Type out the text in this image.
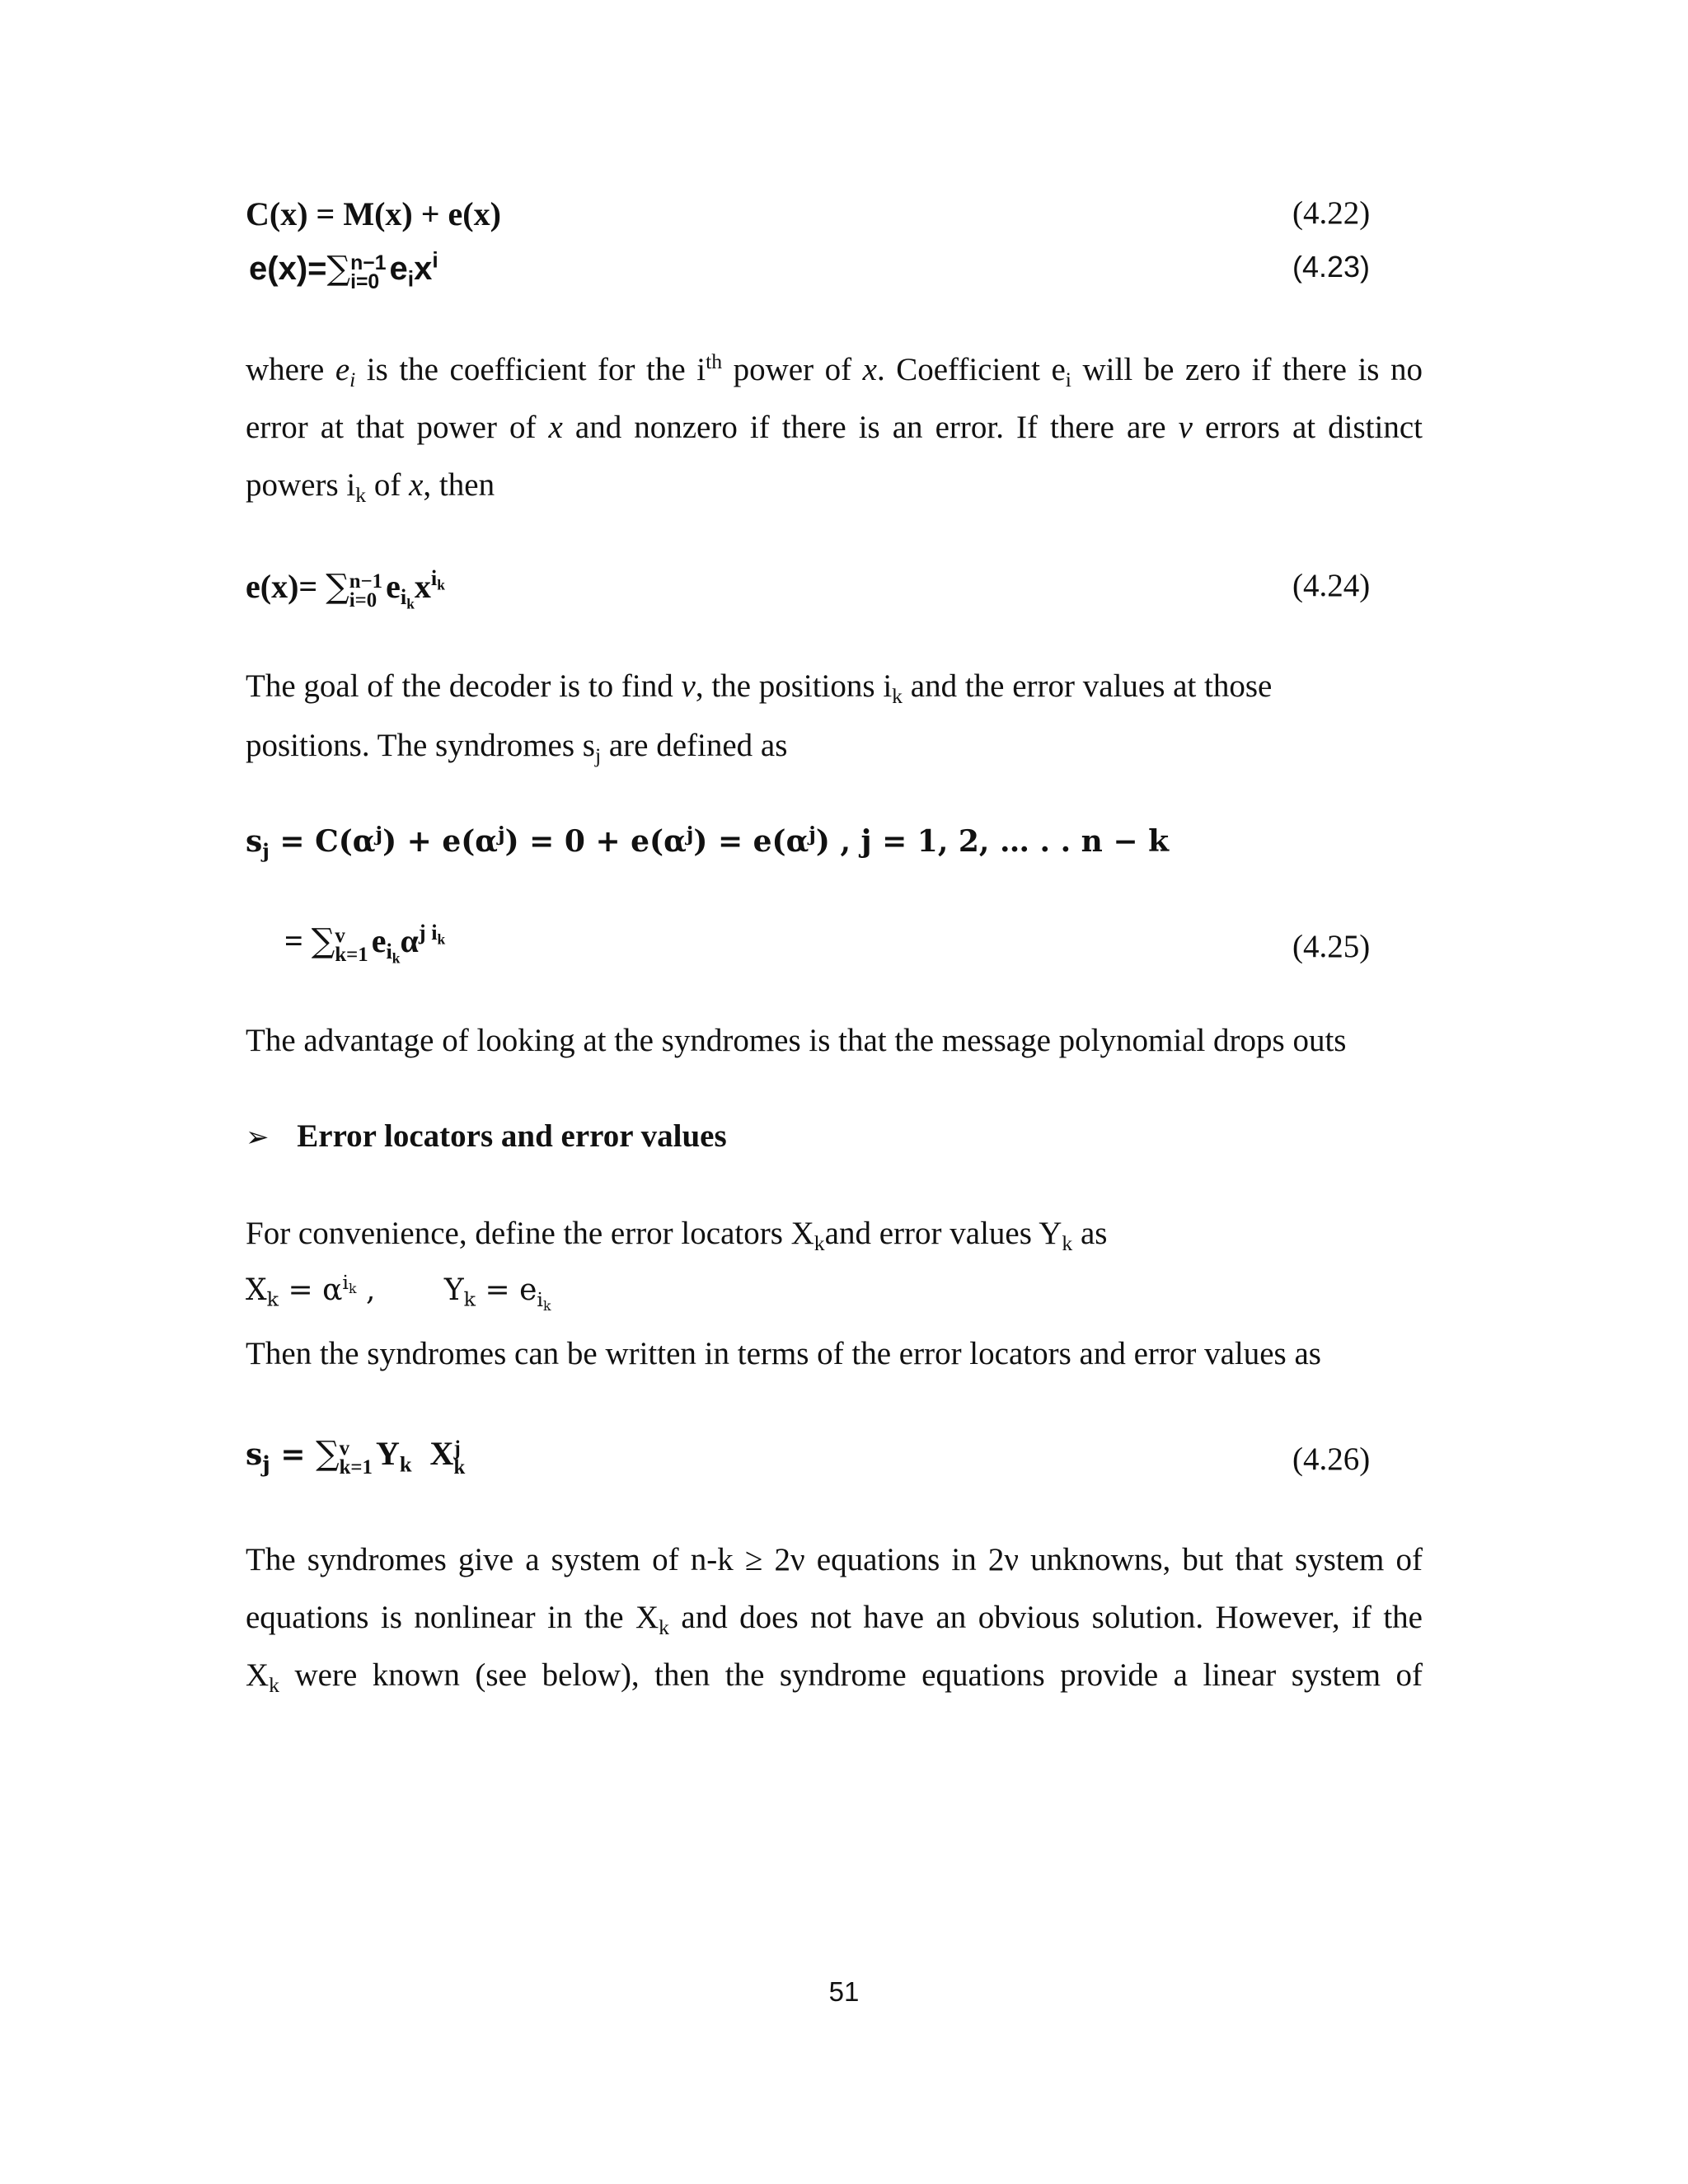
C(x) = M(x) + e(x)	(4.22)
e(x)=∑ n−1
i=0 $e_ix^i$	(4.23)
where $e_i$ is the coefficient for the $i^{th}$ power of x. Coefficient $e_i$ will be zero if there is no
error at that power of x and nonzero if there is an error. If there are v errors at distinct
powers $i_k$ of x, then
e(x)= ∑ n−1
i=0 $e_{i_k}x^{i_k}$	(4.24)
The goal of the decoder is to find v, the positions $i_k$ and the error values at those
positions. The syndromes $s_j$ are defined as
$s_j = C(\alpha^j) + e(\alpha^j) = 0 + e(\alpha^j) = e(\alpha^j)$ , j = 1, 2, … . . n − k
= ∑ v
k=1 $e_{i_k}\alpha^{j i_k}$	(4.25)
The advantage of looking at the syndromes is that the message polynomial drops outs
➢ Error locators and error values
For convenience, define the error locators $X_kand$ error values $Y_k$ as
$X_k = \alpha^{i_k}$ , $Y_k = e_{i_k}$
Then the syndromes can be written in terms of the error locators and error values as
$s_j$ = ∑ v
k=1 $Y_k$ X j
k	(4.26)
The syndromes give a system of n-k ≥ 2ν equations in 2ν unknowns, but that system of
equations is nonlinear in the $X_k$ and does not have an obvious solution. However, if the
$X_k$ were known (see below), then the syndrome equations provide a linear system of
51
